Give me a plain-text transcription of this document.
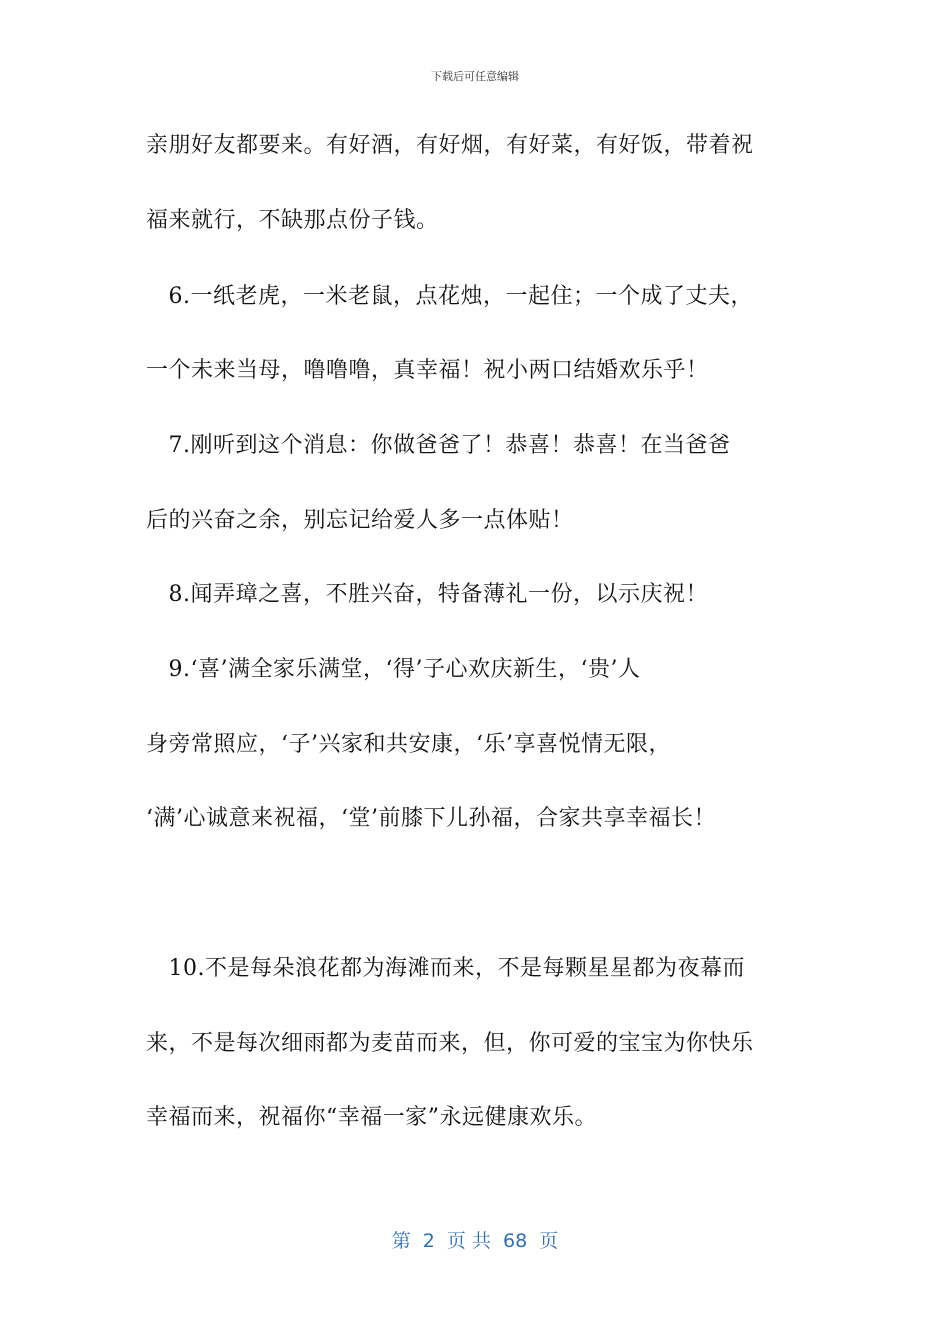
下载后可任意编辑
亲朋好友都要来。有好酒，有好烟，有好菜，有好饭，带着祝
福来就行，不缺那点份子钱。
　6.一纸老虎，一米老鼠，点花烛，一起住；一个成了丈夫，
一个未来当母，噜噜噜，真幸福！祝小两口结婚欢乐乎！
　7.刚听到这个消息：你做爸爸了！恭喜！恭喜！在当爸爸
后的兴奋之余，别忘记给爱人多一点体贴！
　8.闻弄璋之喜，不胜兴奋，特备薄礼一份，以示庆祝！
　9.‘喜’满全家乐满堂，‘得’子心欢庆新生，‘贵’人
身旁常照应，‘子’兴家和共安康，‘乐’享喜悦情无限，
‘满’心诚意来祝福，‘堂’前膝下儿孙福，合家共享幸福长！
　10.不是每朵浪花都为海滩而来，不是每颗星星都为夜幕而
来，不是每次细雨都为麦苗而来，但，你可爱的宝宝为你快乐
幸福而来，祝福你“幸福一家”永远健康欢乐。
第  2  页 共  68  页
